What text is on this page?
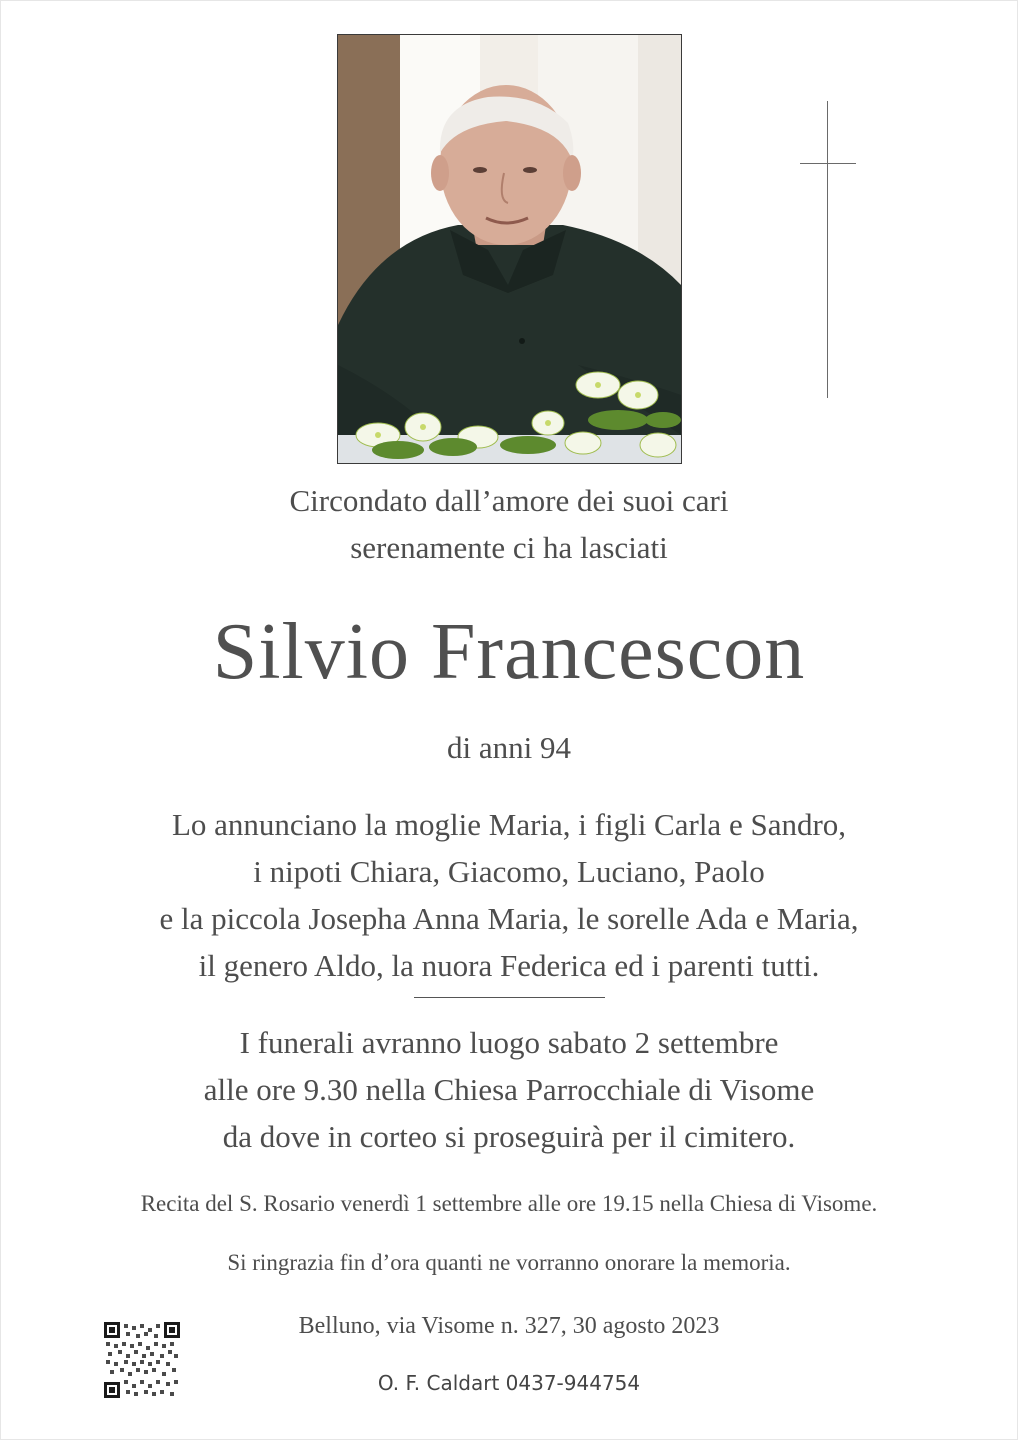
Circondato dall’amore dei suoi cari
serenamente ci ha lasciati
Silvio Francescon
di anni 94
Lo annunciano la moglie Maria, i figli Carla e Sandro,
i nipoti Chiara, Giacomo, Luciano, Paolo
e la piccola Josepha Anna Maria, le sorelle Ada e Maria,
il genero Aldo, la nuora Federica ed i parenti tutti.
I funerali avranno luogo sabato 2 settembre
alle ore 9.30 nella Chiesa Parrocchiale di Visome
da dove in corteo si proseguirà per il cimitero.
Recita del S. Rosario venerdì 1 settembre alle ore 19.15 nella Chiesa di Visome.
Si ringrazia fin d’ora quanti ne vorranno onorare la memoria.
Belluno, via Visome n. 327, 30 agosto 2023
O. F. Caldart 0437-944754
